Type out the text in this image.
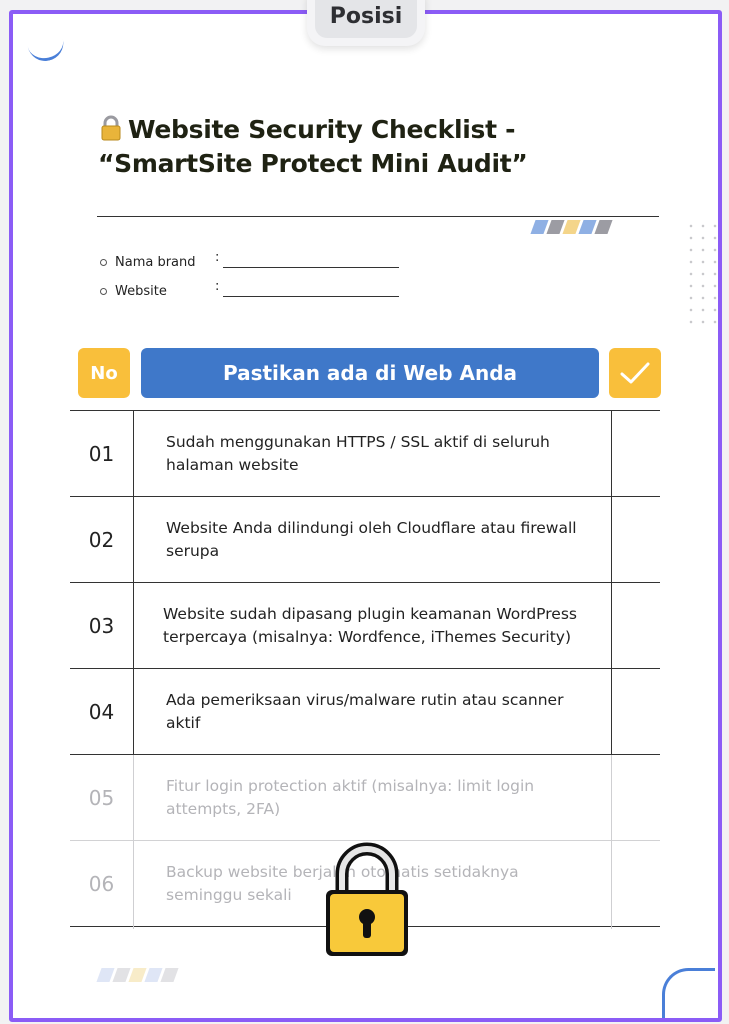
Website Security Checklist -
“SmartSite Protect Mini Audit”
Nama brand	:
Website	:
No	Pastikan ada di Web Anda
01	Sudah menggunakan HTTPS / SSL aktif di seluruh halaman website
02	Website Anda dilindungi oleh Cloudflare atau firewall serupa
03	Website sudah dipasang plugin keamanan WordPress terpercaya (misalnya: Wordfence, iThemes Security)
04	Ada pemeriksaan virus/malware rutin atau scanner aktif
05	Fitur login protection aktif (misalnya: limit login attempts, 2FA)
06	Backup website berjalan otomatis setidaknya seminggu sekali
Posisi
